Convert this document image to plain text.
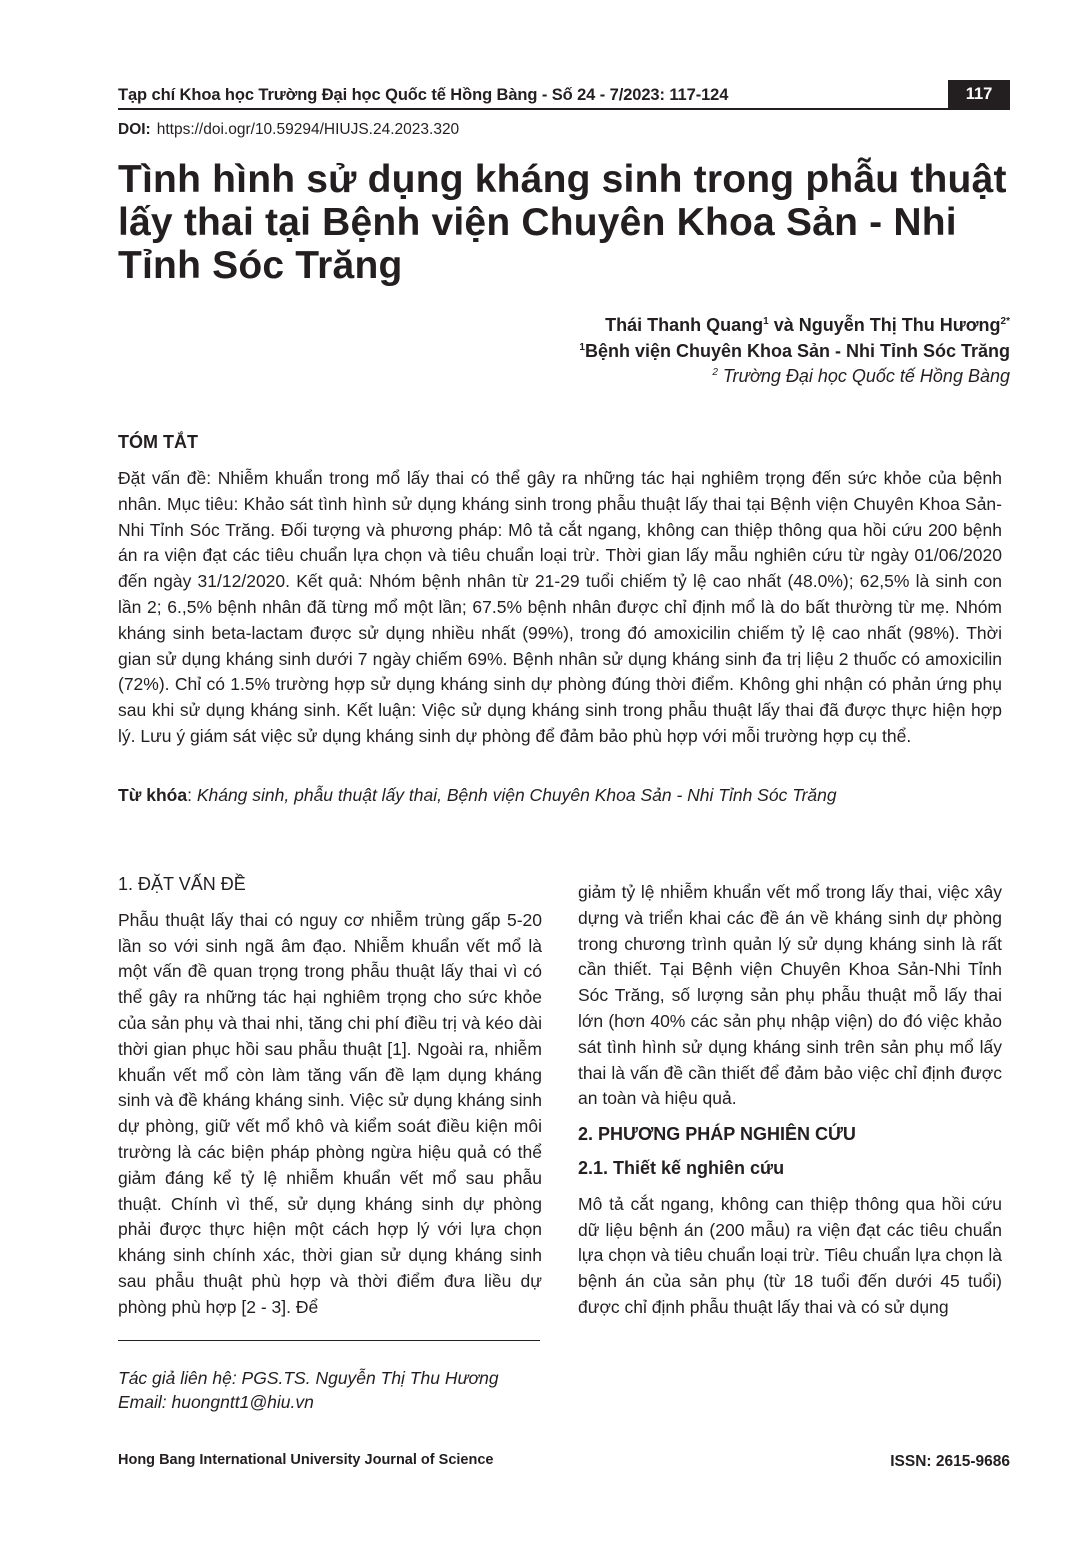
Tạp chí Khoa học Trường Đại học Quốc tế Hồng Bàng - Số 24 - 7/2023: 117-124	117
DOI: https://doi.ogr/10.59294/HIUJS.24.2023.320
Tình hình sử dụng kháng sinh trong phẫu thuật lấy thai tại Bệnh viện Chuyên Khoa Sản - Nhi Tỉnh Sóc Trăng
Thái Thanh Quang$^1$ và Nguyễn Thị Thu Hương$^{2*}$
$^1$Bệnh viện Chuyên Khoa Sản - Nhi Tỉnh Sóc Trăng
$^2$ Trường Đại học Quốc tế Hồng Bàng
TÓM TẮT

Đặt vấn đề: Nhiễm khuẩn trong mổ lấy thai có thể gây ra những tác hại nghiêm trọng đến sức khỏe của bệnh nhân. Mục tiêu: Khảo sát tình hình sử dụng kháng sinh trong phẫu thuật lấy thai tại Bệnh viện Chuyên Khoa Sản-Nhi Tỉnh Sóc Trăng. Đối tượng và phương pháp: Mô tả cắt ngang, không can thiệp thông qua hồi cứu 200 bệnh án ra viện đạt các tiêu chuẩn lựa chọn và tiêu chuẩn loại trừ. Thời gian lấy mẫu nghiên cứu từ ngày 01/06/2020 đến ngày 31/12/2020. Kết quả: Nhóm bệnh nhân từ 21-29 tuổi chiếm tỷ lệ cao nhất (48.0%); 62,5% là sinh con lần 2; 6.,5% bệnh nhân đã từng mổ một lần; 67.5% bệnh nhân được chỉ định mổ là do bất thường từ mẹ. Nhóm kháng sinh beta-lactam được sử dụng nhiều nhất (99%), trong đó amoxicilin chiếm tỷ lệ cao nhất (98%). Thời gian sử dụng kháng sinh dưới 7 ngày chiếm 69%. Bệnh nhân sử dụng kháng sinh đa trị liệu 2 thuốc có amoxicilin (72%). Chỉ có 1.5% trường hợp sử dụng kháng sinh dự phòng đúng thời điểm. Không ghi nhận có phản ứng phụ sau khi sử dụng kháng sinh. Kết luận: Việc sử dụng kháng sinh trong phẫu thuật lấy thai đã được thực hiện hợp lý. Lưu ý giám sát việc sử dụng kháng sinh dự phòng để đảm bảo phù hợp với mỗi trường hợp cụ thể.

Từ khóa: Kháng sinh, phẫu thuật lấy thai, Bệnh viện Chuyên Khoa Sản - Nhi Tỉnh Sóc Trăng
1. ĐẶT VẤN ĐỀ

Phẫu thuật lấy thai có nguy cơ nhiễm trùng gấp 5-20 lần so với sinh ngã âm đạo. Nhiễm khuẩn vết mổ là một vấn đề quan trọng trong phẫu thuật lấy thai vì có thể gây ra những tác hại nghiêm trọng cho sức khỏe của sản phụ và thai nhi, tăng chi phí điều trị và kéo dài thời gian phục hồi sau phẫu thuật [1]. Ngoài ra, nhiễm khuẩn vết mổ còn làm tăng vấn đề lạm dụng kháng sinh và đề kháng kháng sinh. Việc sử dụng kháng sinh dự phòng, giữ vết mổ khô và kiểm soát điều kiện môi trường là các biện pháp phòng ngừa hiệu quả có thể giảm đáng kể tỷ lệ nhiễm khuẩn vết mổ sau phẫu thuật. Chính vì thế, sử dụng kháng sinh dự phòng phải được thực hiện một cách hợp lý với lựa chọn kháng sinh chính xác, thời gian sử dụng kháng sinh sau phẫu thuật phù hợp và thời điểm đưa liều dự phòng phù hợp [2 - 3]. Để

giảm tỷ lệ nhiễm khuẩn vết mổ trong lấy thai, việc xây dựng và triển khai các đề án về kháng sinh dự phòng trong chương trình quản lý sử dụng kháng sinh là rất cần thiết. Tại Bệnh viện Chuyên Khoa Sản-Nhi Tỉnh Sóc Trăng, số lượng sản phụ phẫu thuật mỗ lấy thai lớn (hơn 40% các sản phụ nhập viện) do đó việc khảo sát tình hình sử dụng kháng sinh trên sản phụ mổ lấy thai là vấn đề cần thiết để đảm bảo việc chỉ định được an toàn và hiệu quả.

2. PHƯƠNG PHÁP NGHIÊN CỨU
2.1. Thiết kế nghiên cứu

Mô tả cắt ngang, không can thiệp thông qua hồi cứu dữ liệu bệnh án (200 mẫu) ra viện đạt các tiêu chuẩn lựa chọn và tiêu chuẩn loại trừ. Tiêu chuẩn lựa chọn là bệnh án của sản phụ (từ 18 tuổi đến dưới 45 tuổi) được chỉ định phẫu thuật lấy thai và có sử dụng

Tác giả liên hệ: PGS.TS. Nguyễn Thị Thu Hương
Email: huongntt1@hiu.vn
Hong Bang International University Journal of Science	ISSN: 2615-9686
